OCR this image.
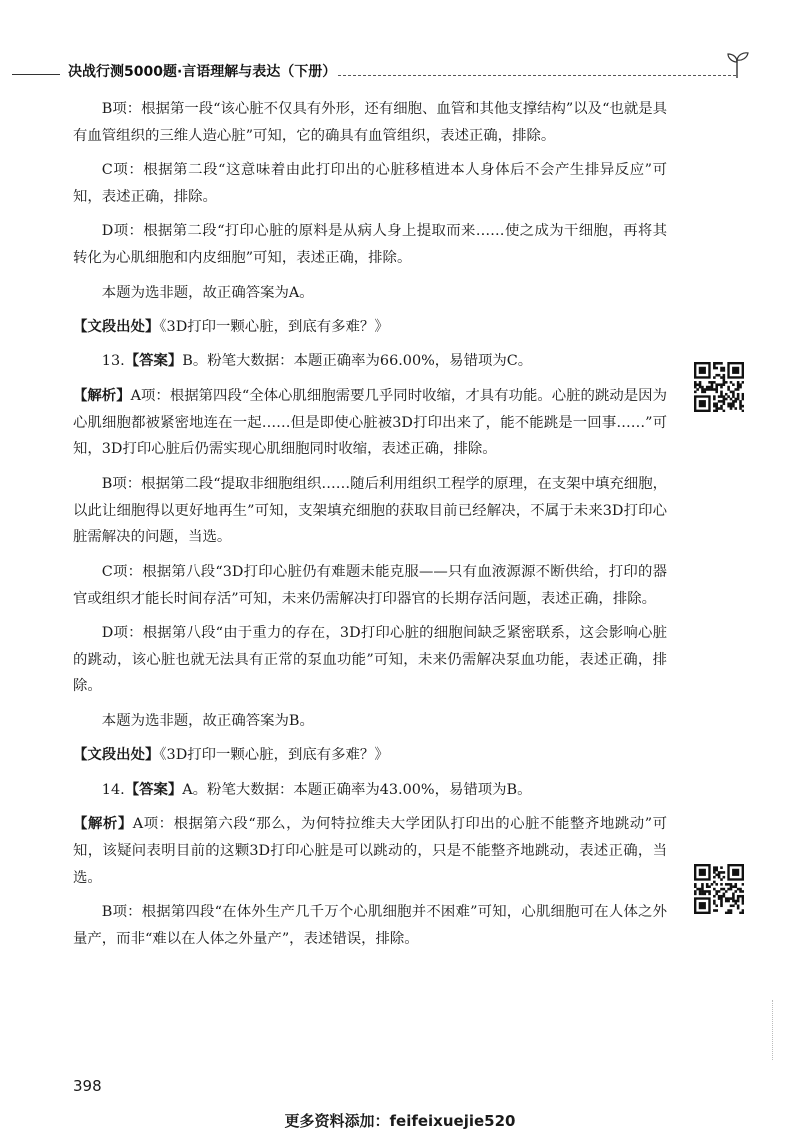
决战行测5000题·言语理解与表达（下册）

B项：根据第一段“该心脏不仅具有外形，还有细胞、血管和其他支撑结构”以及“也就是具有血管组织的三维人造心脏”可知，它的确具有血管组织，表述正确，排除。

C项：根据第二段“这意味着由此打印出的心脏移植进本人身体后不会产生排异反应”可知，表述正确，排除。

D项：根据第二段“打印心脏的原料是从病人身上提取而来……使之成为干细胞，再将其转化为心肌细胞和内皮细胞”可知，表述正确，排除。

本题为选非题，故正确答案为A。

【文段出处】《3D打印一颗心脏，到底有多难？》

13.【答案】B。粉笔大数据：本题正确率为66.00%，易错项为C。

【解析】A项：根据第四段“全体心肌细胞需要几乎同时收缩，才具有功能。心脏的跳动是因为心肌细胞都被紧密地连在一起……但是即使心脏被3D打印出来了，能不能跳是一回事……”可知，3D打印心脏后仍需实现心肌细胞同时收缩，表述正确，排除。

B项：根据第二段“提取非细胞组织……随后利用组织工程学的原理，在支架中填充细胞，以此让细胞得以更好地再生”可知，支架填充细胞的获取目前已经解决，不属于未来3D打印心脏需解决的问题，当选。

C项：根据第八段“3D打印心脏仍有难题未能克服——只有血液源源不断供给，打印的器官或组织才能长时间存活”可知，未来仍需解决打印器官的长期存活问题，表述正确，排除。

D项：根据第八段“由于重力的存在，3D打印心脏的细胞间缺乏紧密联系，这会影响心脏的跳动，该心脏也就无法具有正常的泵血功能”可知，未来仍需解决泵血功能，表述正确，排除。

本题为选非题，故正确答案为B。

【文段出处】《3D打印一颗心脏，到底有多难？》

14.【答案】A。粉笔大数据：本题正确率为43.00%，易错项为B。

【解析】A项：根据第六段“那么，为何特拉维夫大学团队打印出的心脏不能整齐地跳动”可知，该疑问表明目前的这颗3D打印心脏是可以跳动的，只是不能整齐地跳动，表述正确，当选。

B项：根据第四段“在体外生产几千万个心肌细胞并不困难”可知，心肌细胞可在人体之外量产，而非“难以在人体之外量产”，表述错误，排除。

398
更多资料添加：feifeixuejie520
